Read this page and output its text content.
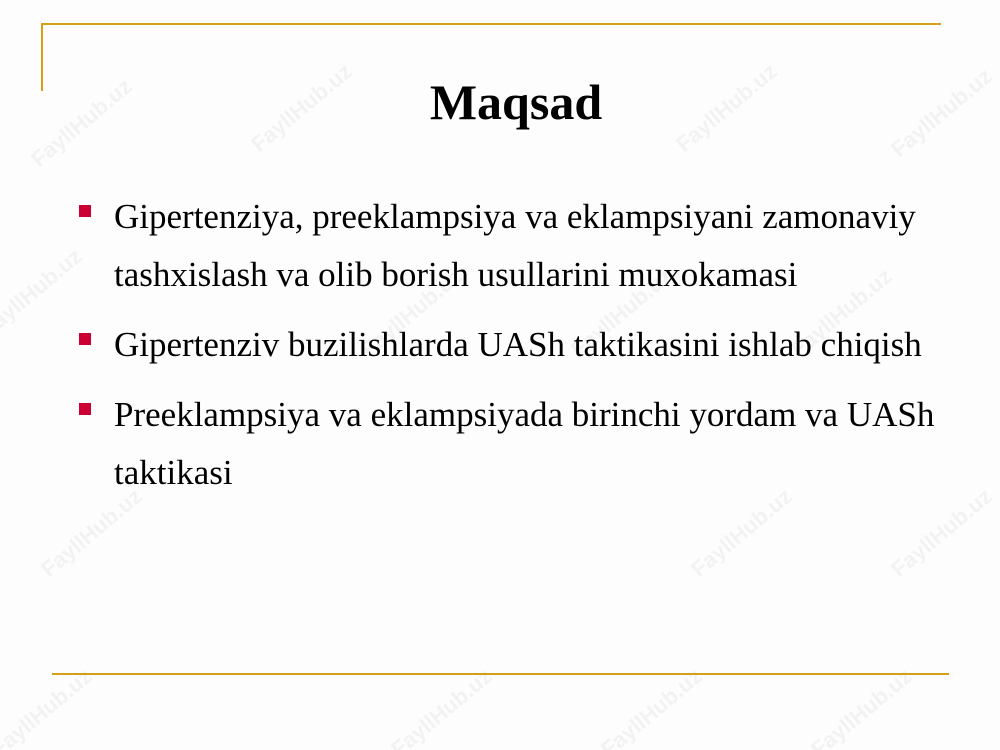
Maqsad
Gipertenziya, preeklampsiya va eklampsiyani zamonaviy tashxislash va olib borish usullarini muxokamasi
Gipertenziv buzilishlarda UASh taktikasini ishlab chiqish
Preeklampsiya va eklampsiyada birinchi yordam va UASh taktikasi
